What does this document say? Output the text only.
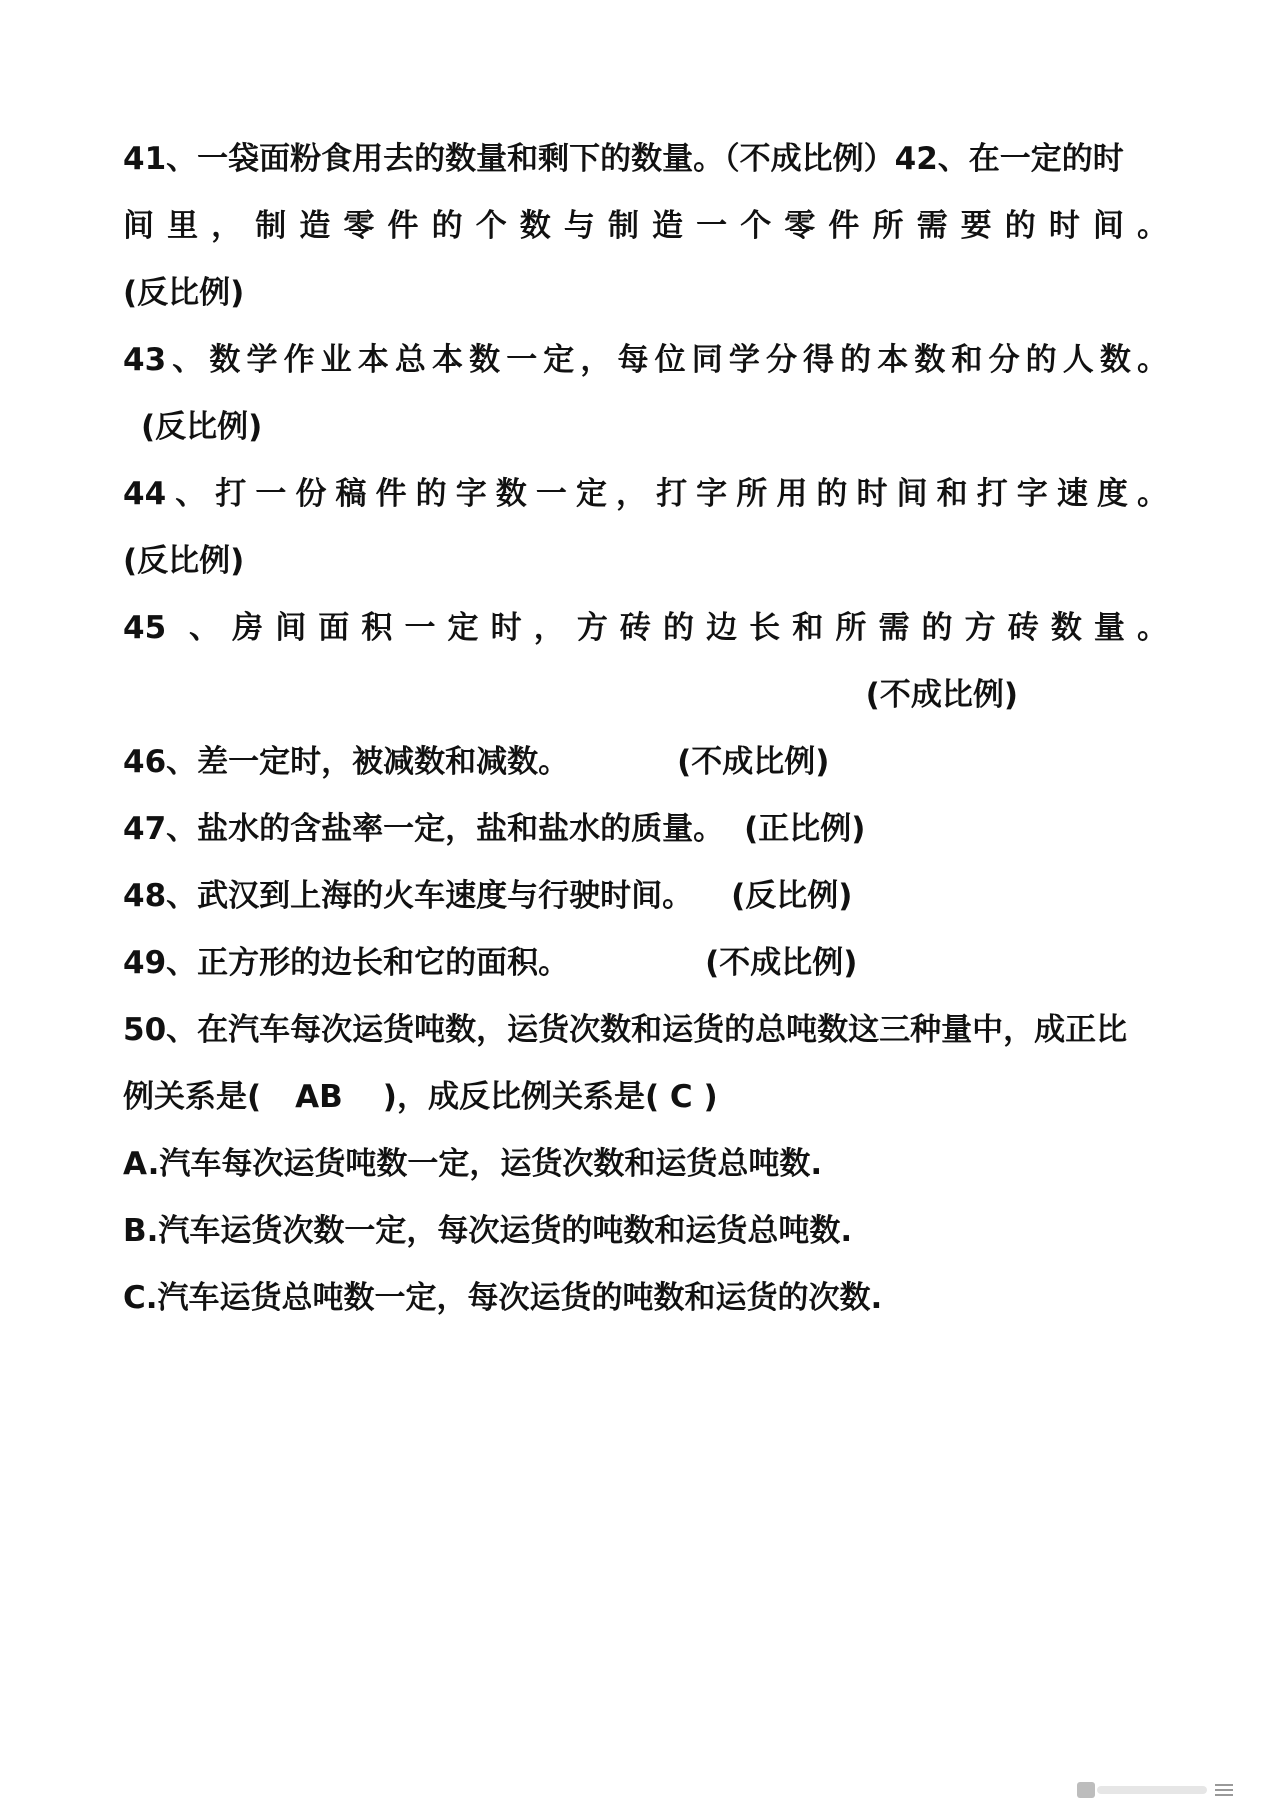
41、一袋面粉食用去的数量和剩下的数量。（不成比例）42、在一定的时
间里，制造零件的个数与制造一个零件所需要的时间。
(反比例)
43、数学作业本总本数一定，每位同学分得的本数和分的人数。
(反比例)
44、打一份稿件的字数一定，打字所用的时间和打字速度。
(反比例)
45 、房间面积一定时，方砖的边长和所需的方砖数量。
(不成比例)
46、差一定时，被减数和减数。	(不成比例)
47、盐水的含盐率一定，盐和盐水的质量。 (正比例)
48、武汉到上海的火车速度与行驶时间。 (反比例)
49、正方形的边长和它的面积。	(不成比例)
50、在汽车每次运货吨数，运货次数和运货的总吨数这三种量中，成正比
例关系是( AB )，成反比例关系是( C )
A.汽车每次运货吨数一定，运货次数和运货总吨数.
B.汽车运货次数一定，每次运货的吨数和运货总吨数.
C.汽车运货总吨数一定，每次运货的吨数和运货的次数.
